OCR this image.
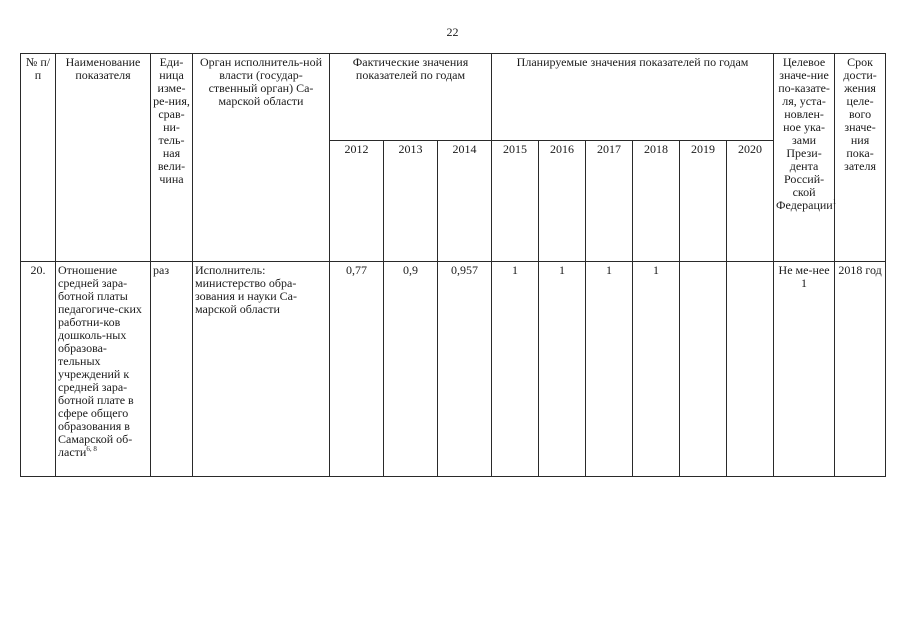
22
№ п/п	Наименование показателя	Еди-ница изме-ре-ния, срав-ни-тель-ная вели-чина	Орган исполнитель-ной власти (государ-ственный орган) Са-марской области	Фактические значения показателей по годам			Планируемые значения показателей по годам						Целевое значе-ние по-казате-ля, уста-новлен-ное ука-зами Прези-дента Россий-ской Федерации$^1$	Срок дости-жения целе-вого значе-ния пока-зателя
				2012	2013	2014	2015	2016	2017	2018	2019	2020		
20.	Отношение средней зара-ботной платы педагогиче-ских работни-ков дошколь-ных образова-тельных учреждений к средней зара-ботной плате в сфере общего образования в Самарской об-ласти$^{6, 8}$	раз	Исполнитель: министерство обра-зования и науки Са-марской области	0,77	0,9	0,957	1	1	1	1			Не ме-нее 1	2018 год
